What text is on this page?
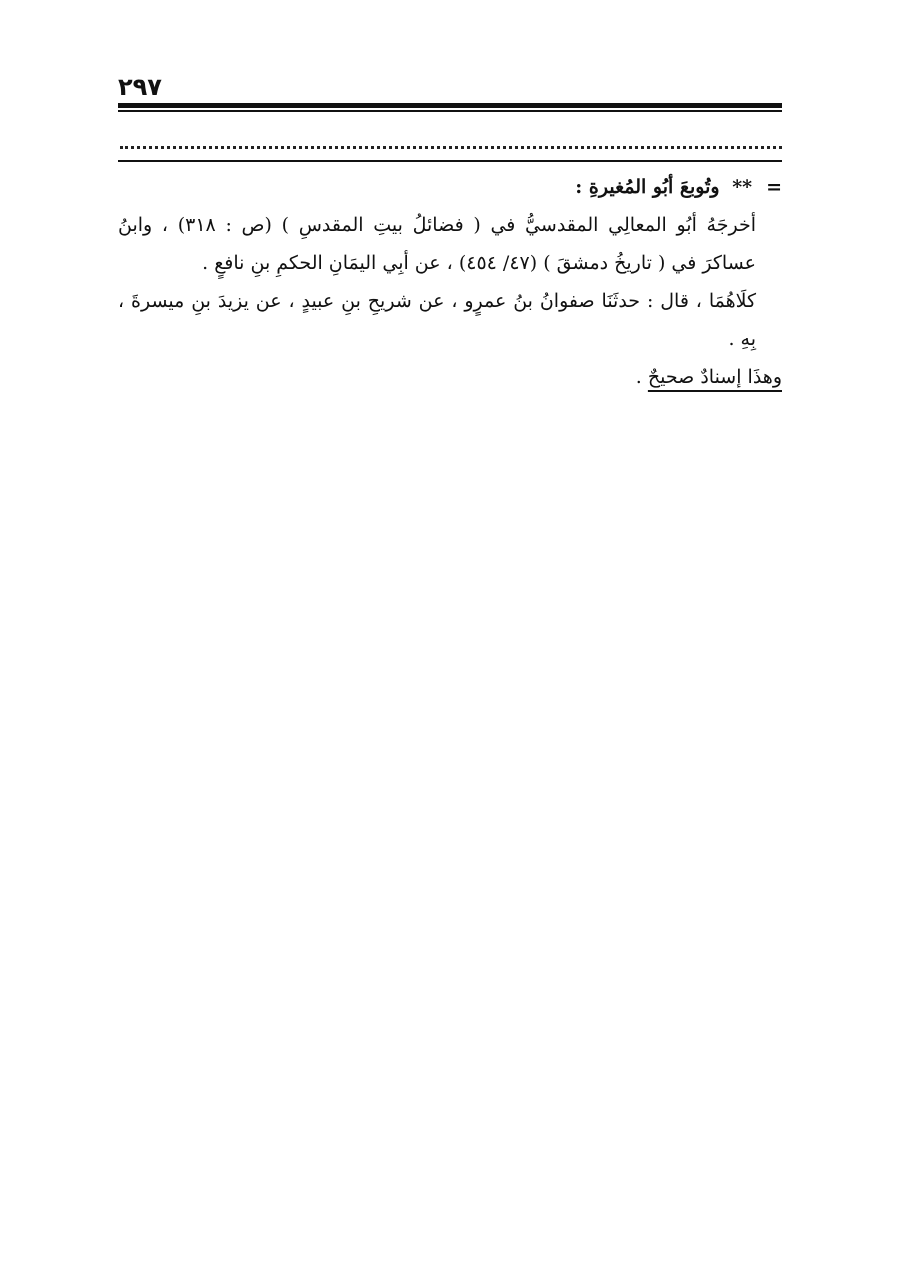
٢٩٧
=** وتُوبعَ أبُو المُغيرةِ :
أخرجَهُ أبُو المعالِي المقدسيُّ في ( فضائلُ بيتِ المقدسِ ) (ص : ٣١٨) ، وابنُ عساكرَ في ( تاريخُ دمشقَ ) (٤٧/ ٤٥٤) ، عن أبِي اليمَانِ الحكمِ بنِ نافعٍ .
كلَاهُمَا ، قال : حدثَنَا صفوانُ بنُ عمرٍو ، عن شريحِ بنِ عبيدٍ ، عن يزيدَ بنِ ميسرةَ ، بِهِ .
وهذَا إسنادٌ صحيحٌ .
